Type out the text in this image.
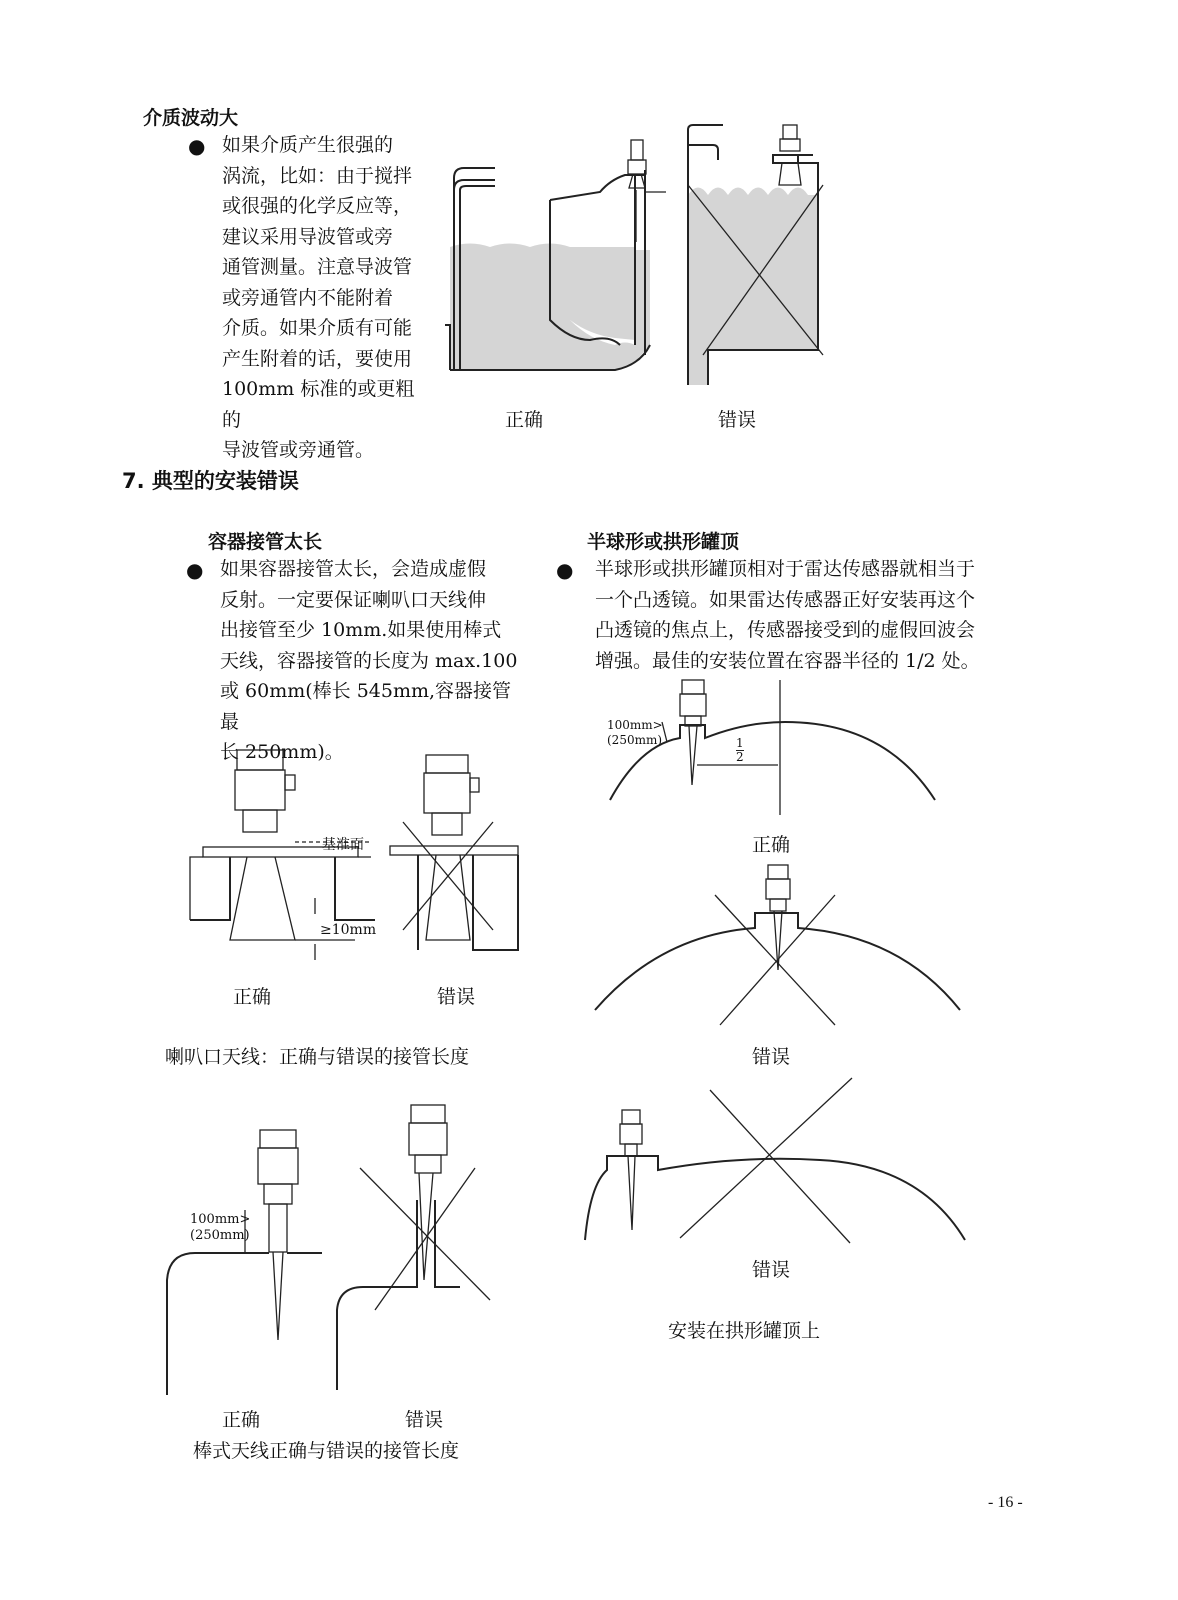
介质波动大
● 如果介质产生很强的
涡流，比如：由于搅拌
或很强的化学反应等，
建议采用导波管或旁
通管测量。注意导波管
或旁通管内不能附着
介质。如果介质有可能
产生附着的话，要使用
100mm 标准的或更粗的
导波管或旁通管。
正确	错误
7. 典型的安装错误
容器接管太长
● 如果容器接管太长，会造成虚假
反射。一定要保证喇叭口天线伸
出接管至少 10mm.如果使用棒式
天线，容器接管的长度为 max.100
或 60mm(棒长 545mm,容器接管最
长 250mm)。
基准面
≥10mm
正确	错误
喇叭口天线：正确与错误的接管长度
100mm>
(250mm)
正确	错误
棒式天线正确与错误的接管长度
半球形或拱形罐顶
● 半球形或拱形罐顶相对于雷达传感器就相当于
一个凸透镜。如果雷达传感器正好安装再这个
凸透镜的焦点上，传感器接受到的虚假回波会
增强。最佳的安装位置在容器半径的 1/2 处。
100mm>
(250mm)	$\frac{1}{2}$
正确
错误
错误
安装在拱形罐顶上
- 16 -
